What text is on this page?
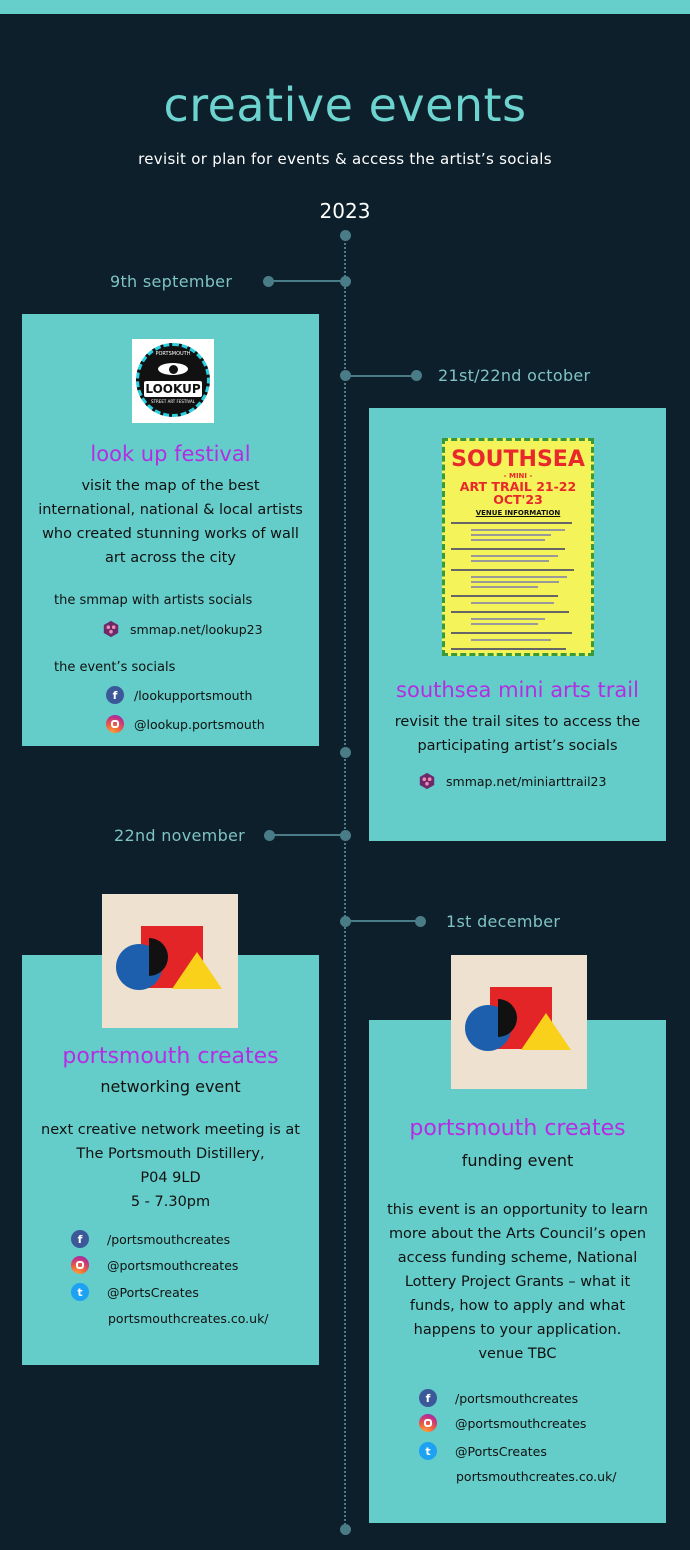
creative events
revisit or plan for events & access the artist’s socials
2023
9th september
21st/22nd october
22nd november
1st december
PORTSMOUTH
LOOKUP
STREET ART FESTIVAL
look up festival
visit the map of the best
international, national & local artists
who created stunning works of wall
art across the city
the smmap with artists socials
smmap.net/lookup23
the event’s socials
f	/lookupportsmouth
@lookup.portsmouth
SOUTHSEA
- MINI -
ART TRAIL 21-22 OCT'23
VENUE INFORMATION
southsea mini arts trail
revisit the trail sites to access the
participating artist’s socials
smmap.net/miniarttrail23
portsmouth creates
networking event
next creative network meeting is at
The Portsmouth Distillery,
P04 9LD
5 - 7.30pm
f	/portsmouthcreates
@portsmouthcreates
t	@PortsCreates
portsmouthcreates.co.uk/
portsmouth creates
funding event
this event is an opportunity to learn
more about the Arts Council’s open
access funding scheme, National
Lottery Project Grants – what it
funds, how to apply and what
happens to your application.
venue TBC
f	/portsmouthcreates
@portsmouthcreates
t	@PortsCreates
portsmouthcreates.co.uk/
